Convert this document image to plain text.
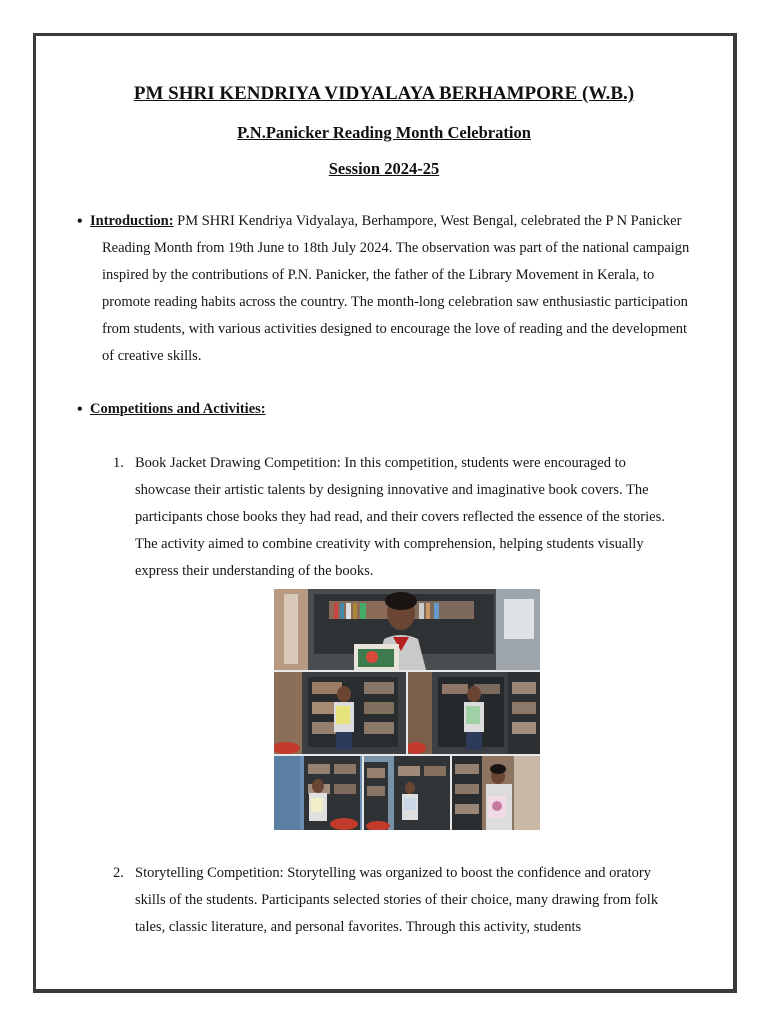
PM SHRI KENDRIYA VIDYALAYA BERHAMPORE (W.B.)
P.N.Panicker Reading Month Celebration
Session 2024-25
• Introduction: PM SHRI Kendriya Vidyalaya, Berhampore, West Bengal, celebrated the P N Panicker Reading Month from 19th June to 18th July 2024. The observation was part of the national campaign inspired by the contributions of P.N. Panicker, the father of the Library Movement in Kerala, to promote reading habits across the country. The month-long celebration saw enthusiastic participation from students, with various activities designed to encourage the love of reading and the development of creative skills.
• Competitions and Activities:
1. Book Jacket Drawing Competition: In this competition, students were encouraged to showcase their artistic talents by designing innovative and imaginative book covers. The participants chose books they had read, and their covers reflected the essence of the stories. The activity aimed to combine creativity with comprehension, helping students visually express their understanding of the books.
2. Storytelling Competition: Storytelling was organized to boost the confidence and oratory skills of the students. Participants selected stories of their choice, many drawing from folk tales, classic literature, and personal favorites. Through this activity, students
